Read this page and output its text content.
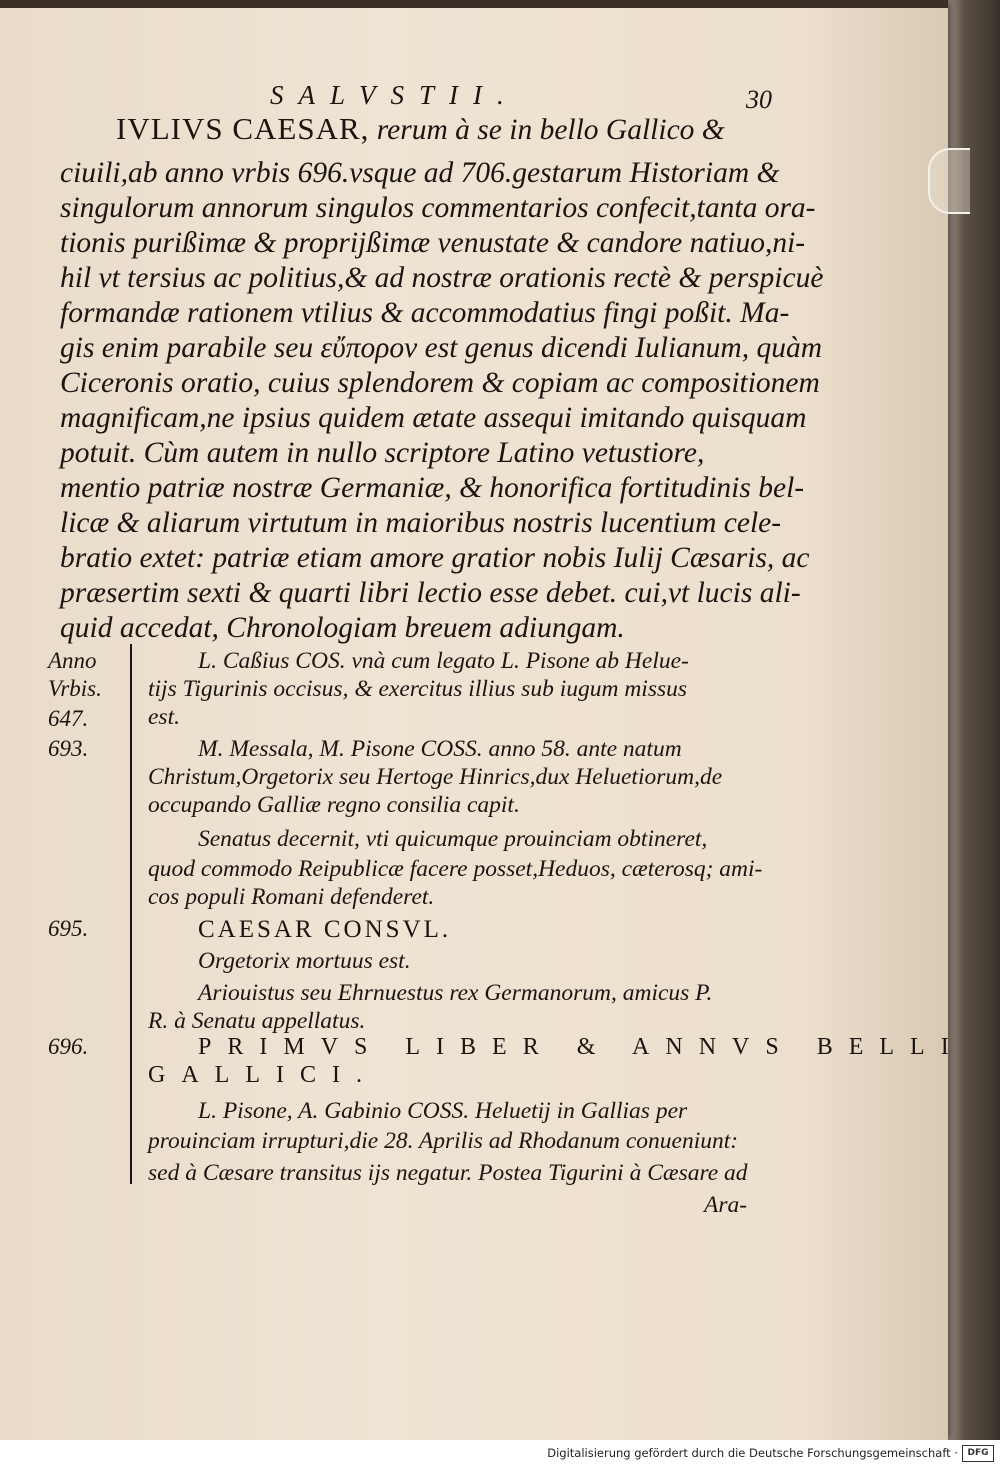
SALVSTII.	30
IVLIVS CAESAR, rerum à se in bello Gallico &
ciuili,ab anno vrbis 696.vsque ad 706.gestarum Historiam &
singulorum annorum singulos commentarios confecit,tanta ora-
tionis purißimæ & proprijßimæ venustate & candore natiuo,ni-
hil vt tersius ac politius,& ad nostræ orationis rectè & perspicuè
formandæ rationem vtilius & accommodatius fingi poßit. Ma-
gis enim parabile seu εὔπορον est genus dicendi Iulianum, quàm
Ciceronis oratio, cuius splendorem & copiam ac compositionem
magnificam,ne ipsius quidem ætate assequi imitando quisquam
potuit. Cùm autem in nullo scriptore Latino vetustiore,
mentio patriæ nostræ Germaniæ, & honorifica fortitudinis bel-
licæ & aliarum virtutum in maioribus nostris lucentium cele-
bratio extet: patriæ etiam amore gratior nobis Iulij Cæsaris, ac
præsertim sexti & quarti libri lectio esse debet. cui,vt lucis ali-
quid accedat, Chronologiam breuem adiungam.
Anno
Vrbis.
647.
693.
695.
696.
L. Caßius COS. vnà cum legato L. Pisone ab Helue-
tijs Tigurinis occisus, & exercitus illius sub iugum missus
est.
M. Messala, M. Pisone COSS. anno 58. ante natum
Christum,Orgetorix seu Hertoge Hinrics,dux Heluetiorum,de
occupando Galliæ regno consilia capit.
Senatus decernit, vti quicumque prouinciam obtineret,
quod commodo Reipublicæ facere posset,Heduos, cæterosq; ami-
cos populi Romani defenderet.
CAESAR CONSVL.
Orgetorix mortuus est.
Ariouistus seu Ehrnuestus rex Germanorum, amicus P.
R. à Senatu appellatus.
PRIMVS LIBER & ANNVS BELLI
GALLICI.
L. Pisone, A. Gabinio COSS. Heluetij in Gallias per
prouinciam irrupturi,die 28. Aprilis ad Rhodanum conueniunt:
sed à Cæsare transitus ijs negatur. Postea Tigurini à Cæsare ad
Ara-
Digitalisierung gefördert durch die Deutsche Forschungsgemeinschaft ·	DFG
